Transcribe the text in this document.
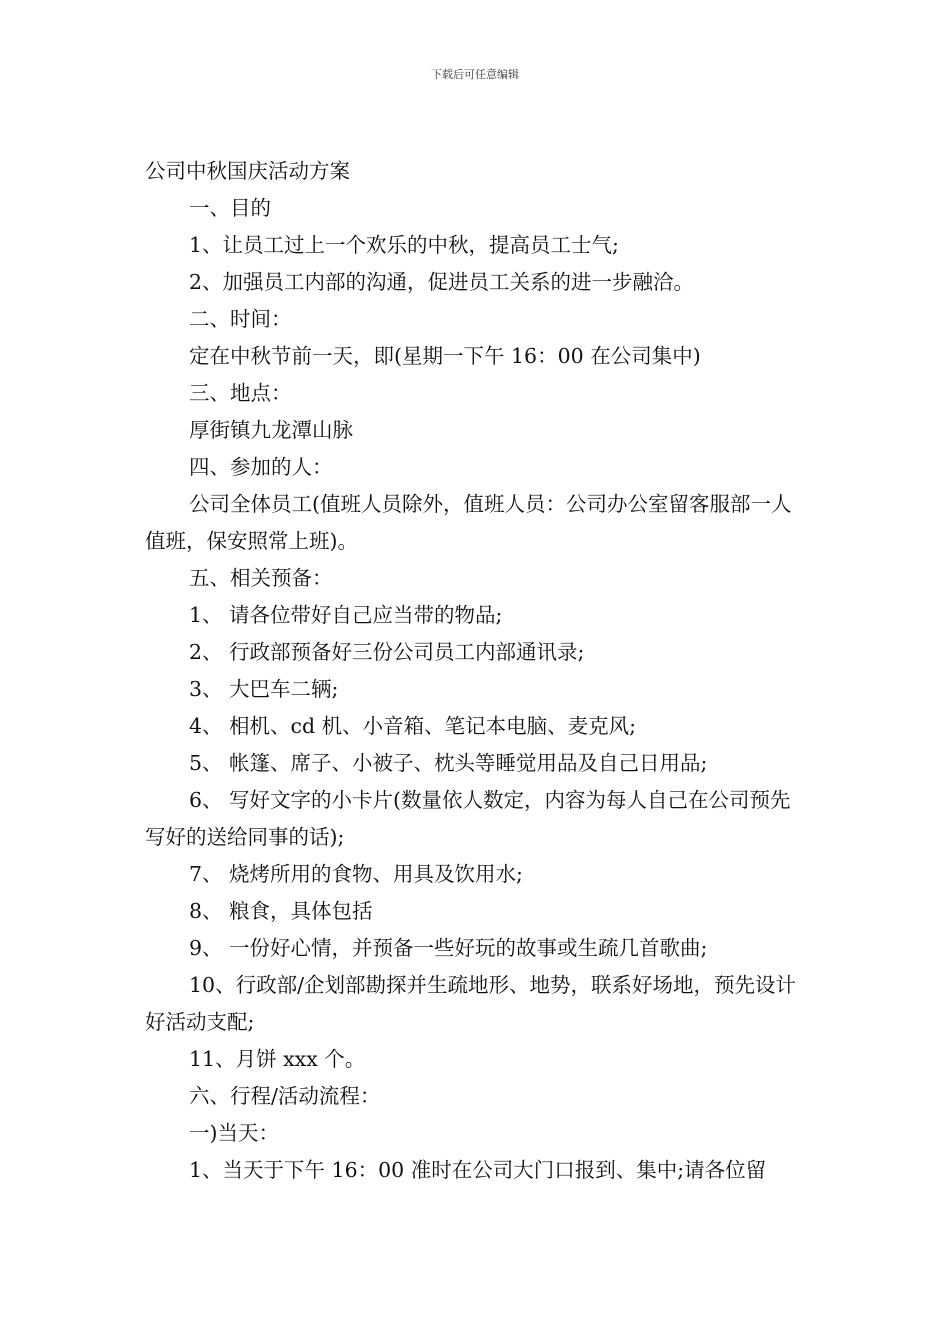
下载后可任意编辑
公司中秋国庆活动方案
一、目的
1、让员工过上一个欢乐的中秋，提高员工士气;
2、加强员工内部的沟通，促进员工关系的进一步融洽。
二、时间：
定在中秋节前一天，即(星期一下午 16：00 在公司集中)
三、地点：
厚街镇九龙潭山脉
四、参加的人：
公司全体员工(值班人员除外，值班人员：公司办公室留客服部一人值班，保安照常上班)。
五、相关预备：
1、 请各位带好自己应当带的物品;
2、 行政部预备好三份公司员工内部通讯录;
3、 大巴车二辆;
4、 相机、cd 机、小音箱、笔记本电脑、麦克风;
5、 帐篷、席子、小被子、枕头等睡觉用品及自己日用品;
6、 写好文字的小卡片(数量依人数定，内容为每人自己在公司预先写好的送给同事的话);
7、 烧烤所用的食物、用具及饮用水;
8、 粮食，具体包括
9、 一份好心情，并预备一些好玩的故事或生疏几首歌曲;
10、行政部/企划部勘探并生疏地形、地势，联系好场地，预先设计好活动支配;
11、月饼 xxx 个。
六、行程/活动流程：
一)当天：
1、当天于下午 16：00 准时在公司大门口报到、集中;请各位留
